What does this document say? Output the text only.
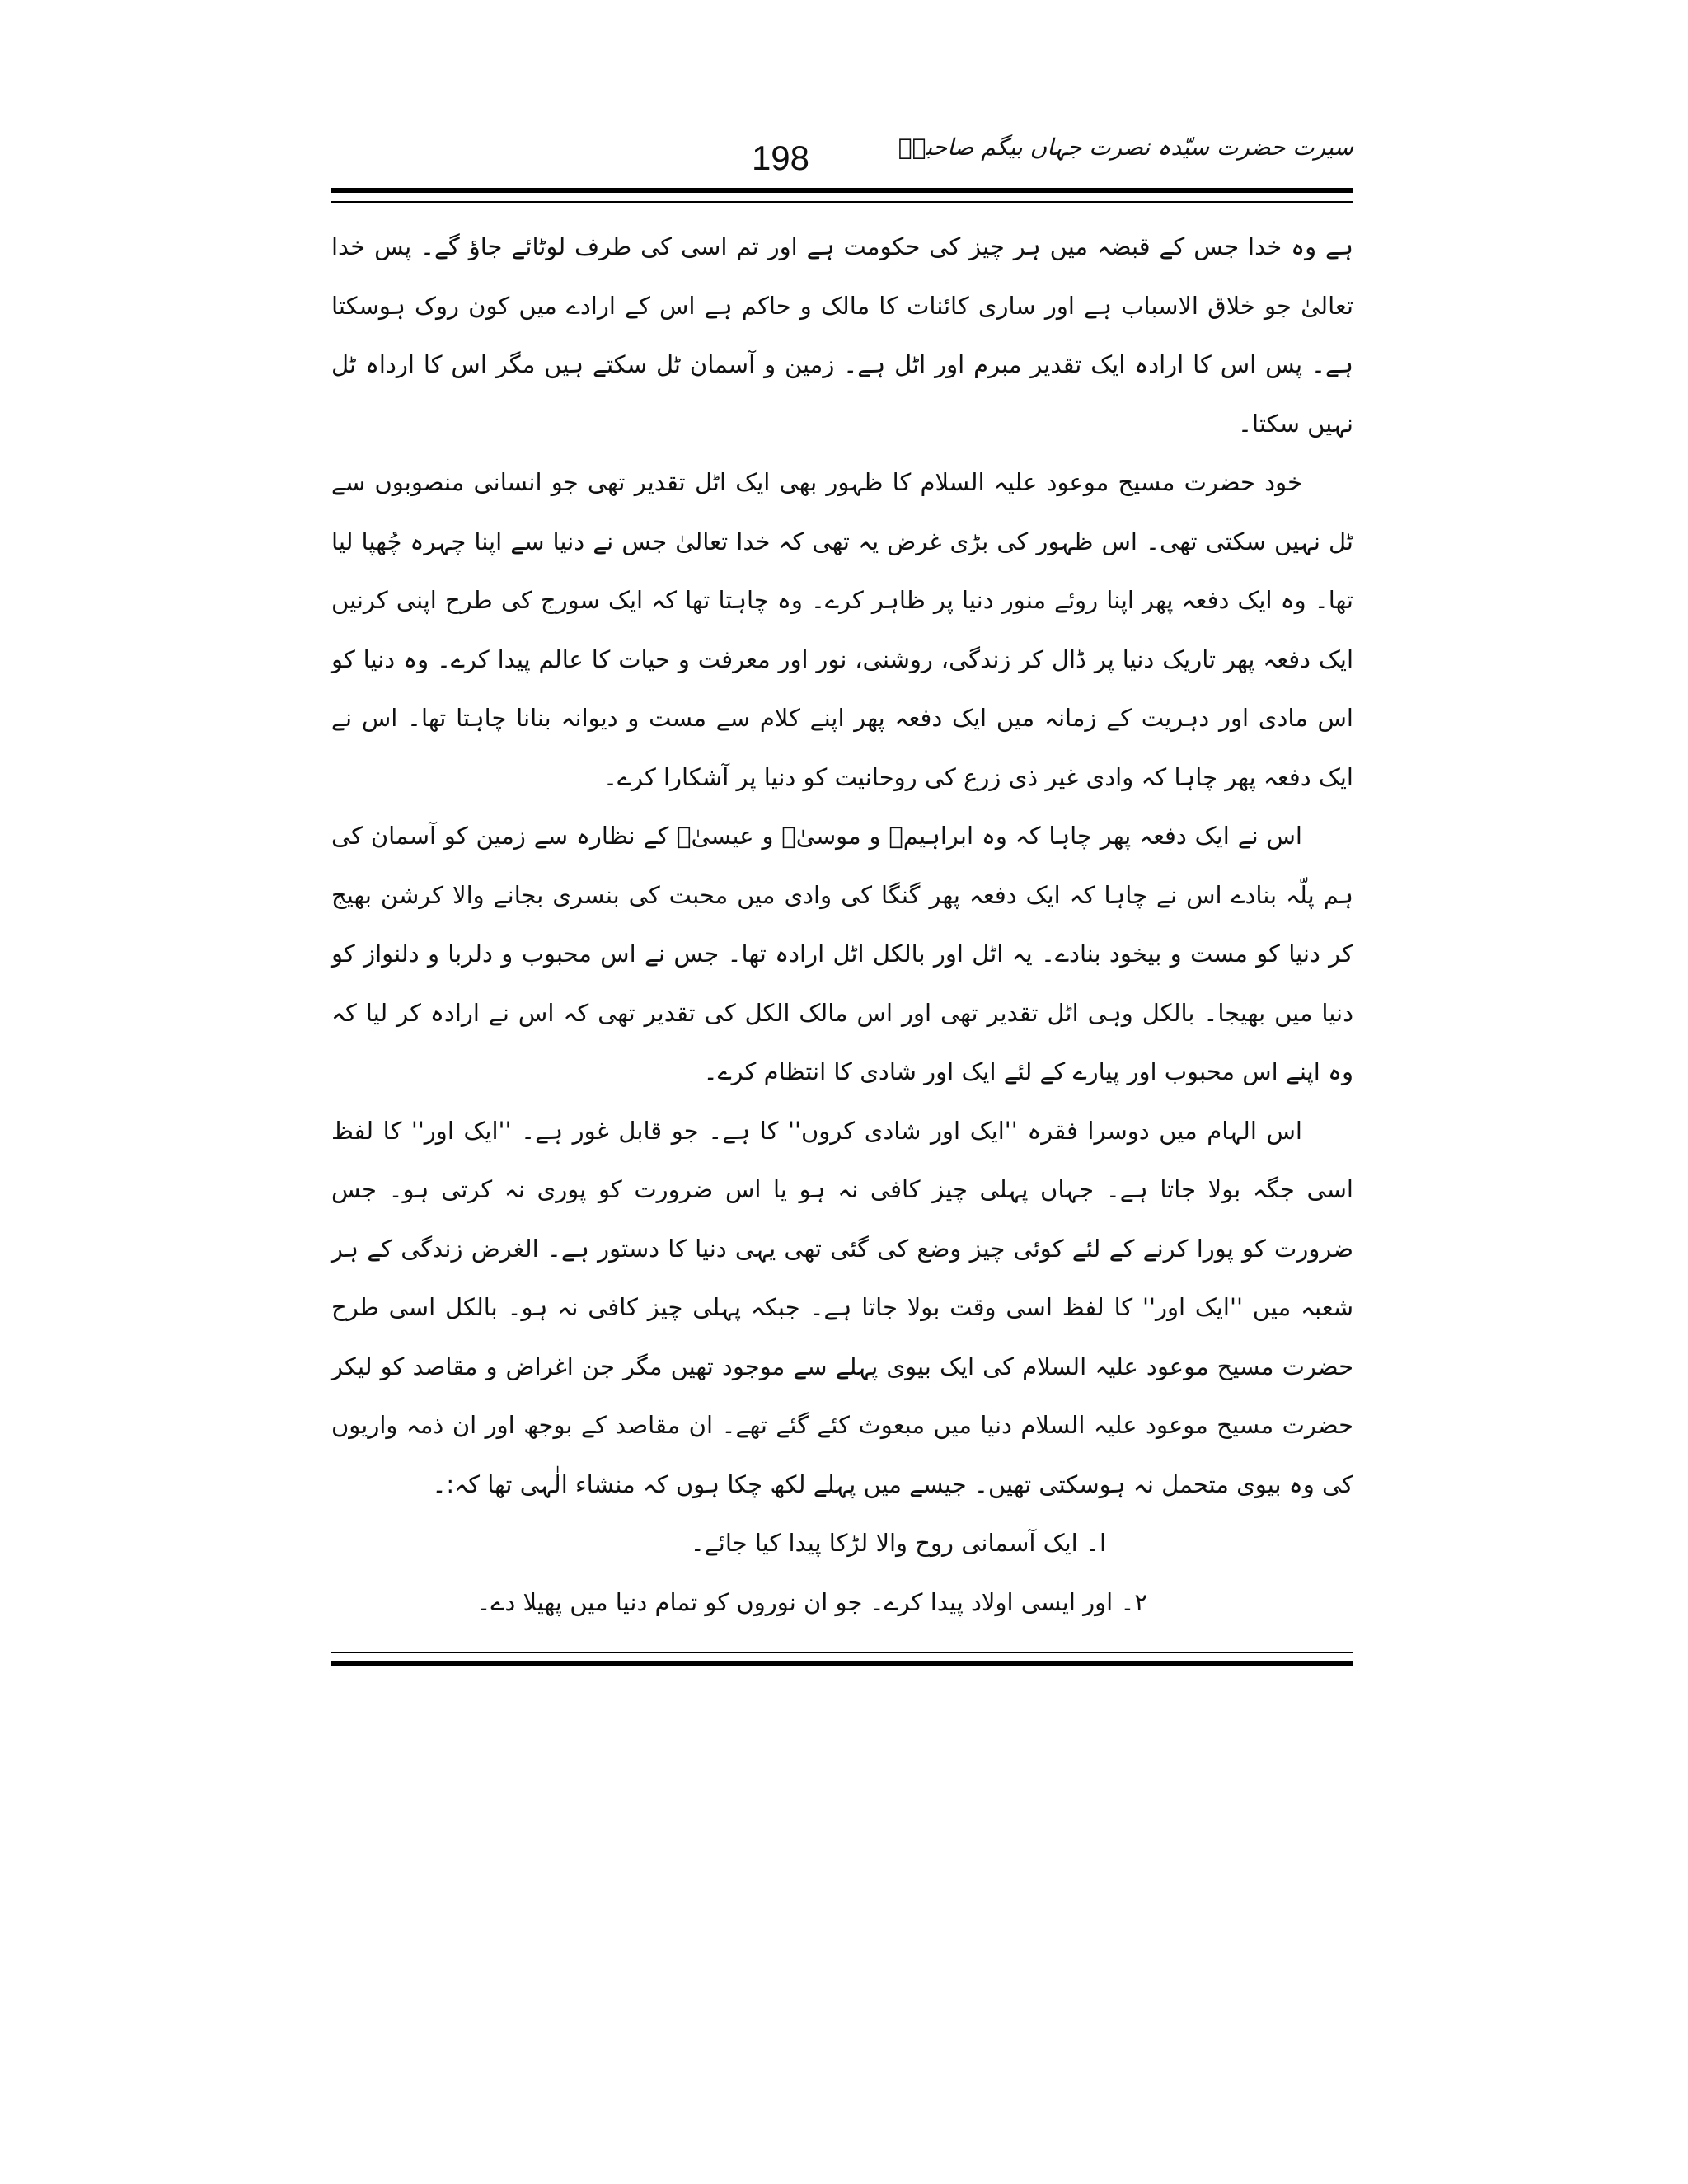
سیرت حضرت سیّدہ نصرت جہاں بیگم صاحبہؓ
198

ہے وہ خدا جس کے قبضہ میں ہر چیز کی حکومت ہے اور تم اسی کی طرف لوٹائے جاؤ گے۔ پس خدا تعالیٰ جو خلاق الاسباب ہے اور ساری کائنات کا مالک و حاکم ہے اس کے ارادے میں کون روک ہوسکتا ہے۔ پس اس کا ارادہ ایک تقدیر مبرم اور اٹل ہے۔ زمین و آسمان ٹل سکتے ہیں مگر اس کا ارداہ ٹل نہیں سکتا۔

خود حضرت مسیح موعود علیہ السلام کا ظہور بھی ایک اٹل تقدیر تھی جو انسانی منصوبوں سے ٹل نہیں سکتی تھی۔ اس ظہور کی بڑی غرض یہ تھی کہ خدا تعالیٰ جس نے دنیا سے اپنا چہرہ چُھپا لیا تھا۔ وہ ایک دفعہ پھر اپنا روئے منور دنیا پر ظاہر کرے۔ وہ چاہتا تھا کہ ایک سورج کی طرح اپنی کرنیں ایک دفعہ پھر تاریک دنیا پر ڈال کر زندگی، روشنی، نور اور معرفت و حیات کا عالم پیدا کرے۔ وہ دنیا کو اس مادی اور دہریت کے زمانہ میں ایک دفعہ پھر اپنے کلام سے مست و دیوانہ بنانا چاہتا تھا۔ اس نے ایک دفعہ پھر چاہا کہ وادی غیر ذی زرع کی روحانیت کو دنیا پر آشکارا کرے۔

اس نے ایک دفعہ پھر چاہا کہ وہ ابراہیمؑ و موسیٰؑ و عیسیٰؑ کے نظارہ سے زمین کو آسمان کی ہم پلّہ بنادے اس نے چاہا کہ ایک دفعہ پھر گنگا کی وادی میں محبت کی بنسری بجانے والا کرشن بھیج کر دنیا کو مست و بیخود بنادے۔ یہ اٹل اور بالکل اٹل ارادہ تھا۔ جس نے اس محبوب و دلربا و دلنواز کو دنیا میں بھیجا۔ بالکل وہی اٹل تقدیر تھی اور اس مالک الکل کی تقدیر تھی کہ اس نے ارادہ کر لیا کہ وہ اپنے اس محبوب اور پیارے کے لئے ایک اور شادی کا انتظام کرے۔

اس الہام میں دوسرا فقرہ ''ایک اور شادی کروں'' کا ہے۔ جو قابل غور ہے۔ ''ایک اور'' کا لفظ اسی جگہ بولا جاتا ہے۔ جہاں پہلی چیز کافی نہ ہو یا اس ضرورت کو پوری نہ کرتی ہو۔ جس ضرورت کو پورا کرنے کے لئے کوئی چیز وضع کی گئی تھی یہی دنیا کا دستور ہے۔ الغرض زندگی کے ہر شعبہ میں ''ایک اور'' کا لفظ اسی وقت بولا جاتا ہے۔ جبکہ پہلی چیز کافی نہ ہو۔ بالکل اسی طرح حضرت مسیح موعود علیہ السلام کی ایک بیوی پہلے سے موجود تھیں مگر جن اغراض و مقاصد کو لیکر حضرت مسیح موعود علیہ السلام دنیا میں مبعوث کئے گئے تھے۔ ان مقاصد کے بوجھ اور ان ذمہ واریوں کی وہ بیوی متحمل نہ ہوسکتی تھیں۔ جیسے میں پہلے لکھ چکا ہوں کہ منشاء الٰہی تھا کہ:۔

ا۔ ایک آسمانی روح والا لڑکا پیدا کیا جائے۔

۲۔ اور ایسی اولاد پیدا کرے۔ جو ان نوروں کو تمام دنیا میں پھیلا دے۔
